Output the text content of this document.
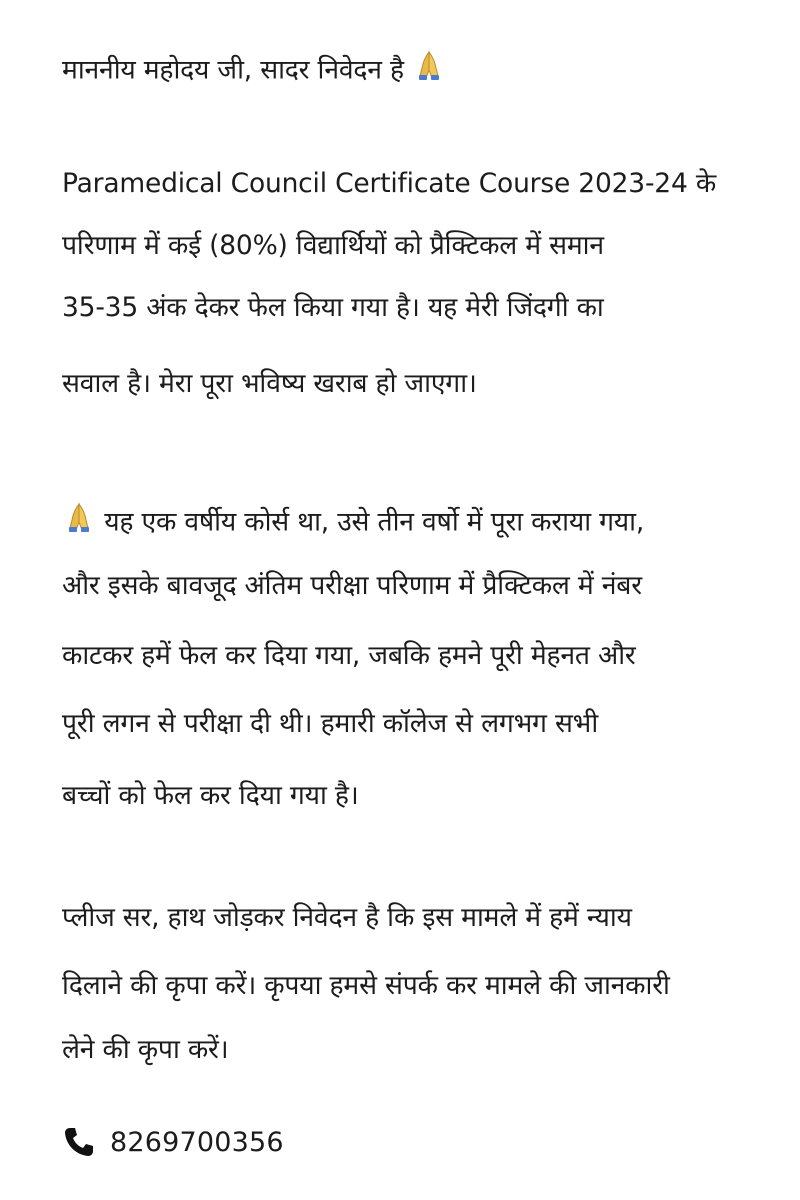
माननीय महोदय जी, सादर निवेदन है
Paramedical Council Certificate Course 2023-24 के
परिणाम में कई (80%) विद्यार्थियों को प्रैक्टिकल में समान
35-35 अंक देकर फेल किया गया है। यह मेरी जिंदगी का
सवाल है। मेरा पूरा भविष्य खराब हो जाएगा।
यह एक वर्षीय कोर्स था, उसे तीन वर्षो में पूरा कराया गया,
और इसके बावजूद अंतिम परीक्षा परिणाम में प्रैक्टिकल में नंबर
काटकर हमें फेल कर दिया गया, जबकि हमने पूरी मेहनत और
पूरी लगन से परीक्षा दी थी। हमारी कॉलेज से लगभग सभी
बच्चों को फेल कर दिया गया है।
प्लीज सर, हाथ जोड़कर निवेदन है कि इस मामले में हमें न्याय
दिलाने की कृपा करें। कृपया हमसे संपर्क कर मामले की जानकारी
लेने की कृपा करें।
8269700356
